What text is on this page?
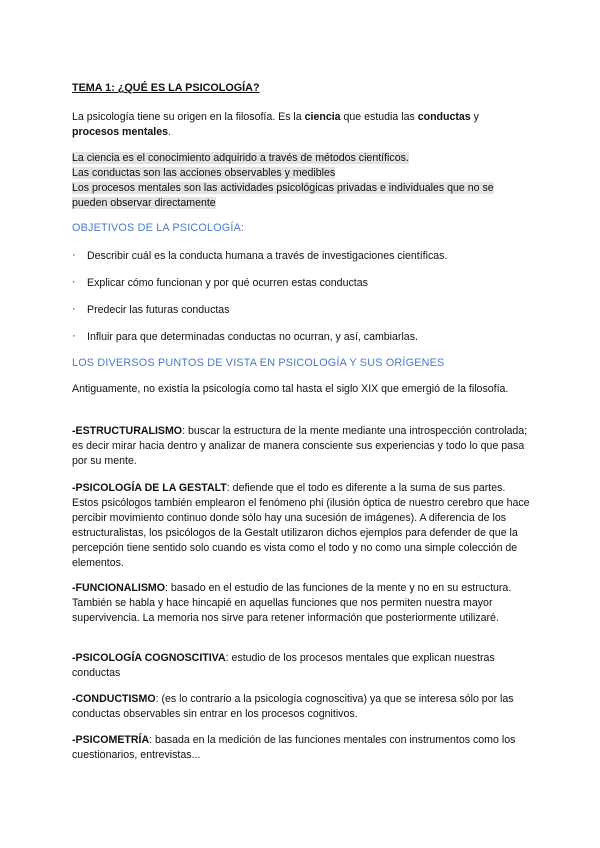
TEMA 1: ¿QUÉ ES LA PSICOLOGÍA?
La psicología tiene su origen en la filosofía. Es la ciencia que estudia las conductas y
procesos mentales.
La ciencia es el conocimiento adquirido a través de métodos científicos.
Las conductas son las acciones observables y medibles
Los procesos mentales son las actividades psicológicas privadas e individuales que no se pueden observar directamente
OBJETIVOS DE LA PSICOLOGÍA:
· Describir cuál es la conducta humana a través de investigaciones científicas.
· Explicar cómo funcionan y por qué ocurren estas conductas
· Predecir las futuras conductas
· Influir para que determinadas conductas no ocurran, y así, cambiarlas.
LOS DIVERSOS PUNTOS DE VISTA EN PSICOLOGÍA Y SUS ORÍGENES
Antiguamente, no existía la psicología como tal hasta el siglo XIX que emergió de la filosofía.
-ESTRUCTURALISMO: buscar la estructura de la mente mediante una introspección controlada; es decir mirar hacia dentro y analizar de manera consciente sus experiencias y todo lo que pasa por su mente.
-PSICOLOGÍA DE LA GESTALT: defiende que el todo es diferente a la suma de sus partes. Estos psicólogos también emplearon el fenómeno phi (ilusión óptica de nuestro cerebro que hace percibir movimiento continuo donde sólo hay una sucesión de imágenes). A diferencia de los estructuralistas, los psicólogos de la Gestalt utilizaron dichos ejemplos para defender de que la percepción tiene sentido solo cuando es vista como el todo y no como una simple colección de elementos.
-FUNCIONALISMO: basado en el estudio de las funciones de la mente y no en su estructura. También se habla y hace hincapié en aquellas funciones que nos permiten nuestra mayor supervivencia. La memoria nos sirve para retener información que posteriormente utilizaré.
-PSICOLOGÍA COGNOSCITIVA: estudio de los procesos mentales que explican nuestras conductas
-CONDUCTISMO: (es lo contrario a la psicología cognoscitiva) ya que se interesa sólo por las conductas observables sin entrar en los procesos cognitivos.
-PSICOMETRÍA: basada en la medición de las funciones mentales con instrumentos como los cuestionarios, entrevistas...
